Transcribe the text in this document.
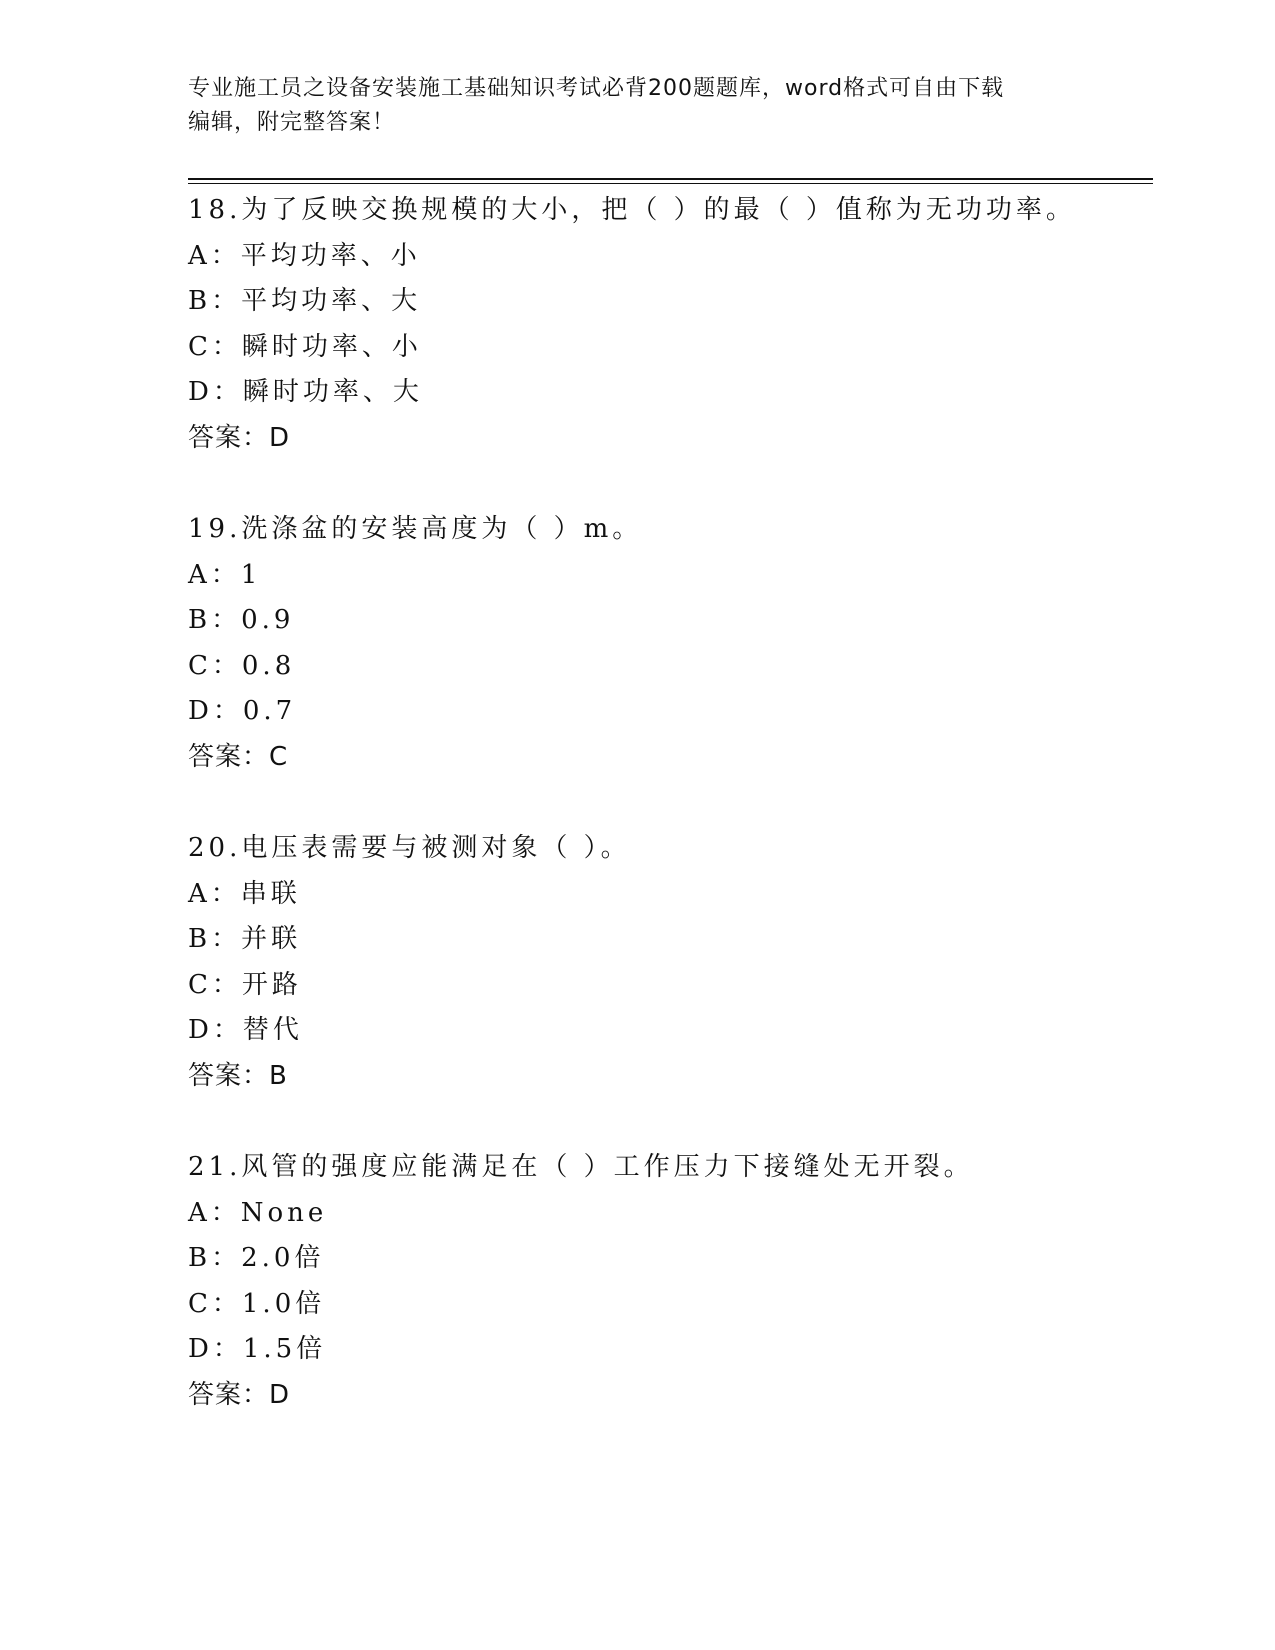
专业施工员之设备安装施工基础知识考试必背200题题库，word格式可自由下载
编辑，附完整答案！
18.为了反映交换规模的大小，把（ ）的最（ ）值称为无功功率。
A：平均功率、小
B：平均功率、大
C：瞬时功率、小
D：瞬时功率、大
答案：D
19.洗涤盆的安装高度为（ ）m。
A：1
B：0.9
C：0.8
D：0.7
答案：C
20.电压表需要与被测对象（ ）。
A：串联
B：并联
C：开路
D：替代
答案：B
21.风管的强度应能满足在（ ）工作压力下接缝处无开裂。
A：None
B：2.0倍
C：1.0倍
D：1.5倍
答案：D
